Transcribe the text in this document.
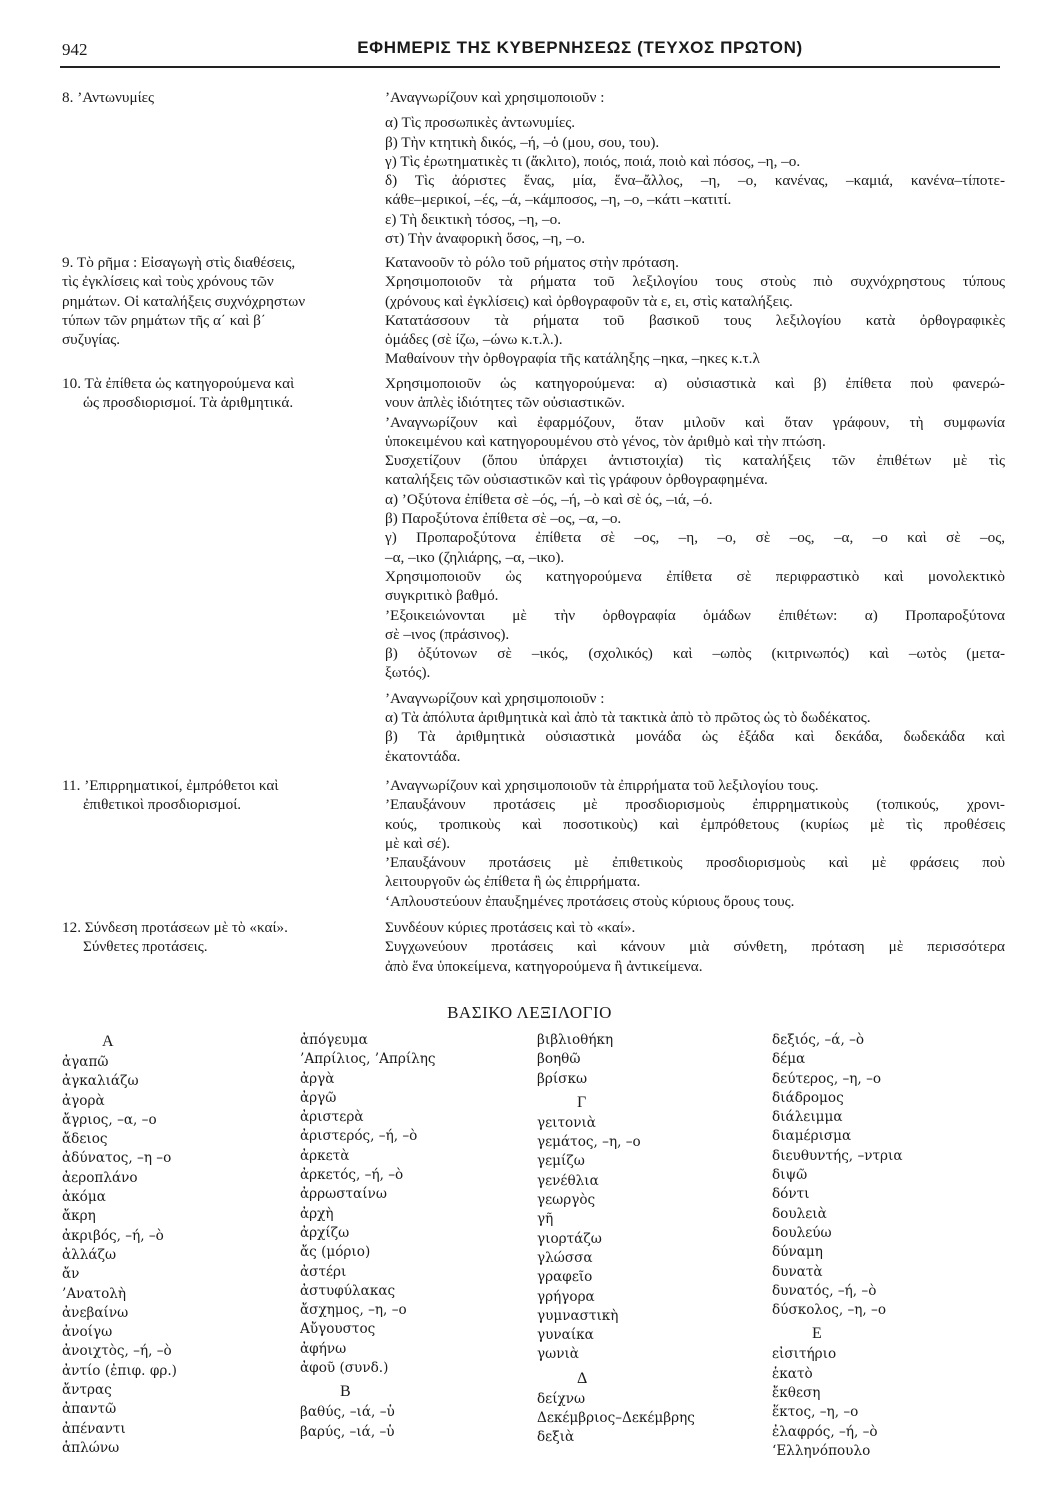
942	ΕΦΗΜΕΡΙΣ ΤΗΣ ΚΥΒΕΡΝΗΣΕΩΣ (ΤΕΥΧΟΣ ΠΡΩΤΟΝ)
8. ’Αντωνυμίες	’Αναγνωρίζουν καὶ χρησιμοποιοῦν :
α) Τὶς προσωπικὲς ἀντωνυμίες.
β) Τὴν κτητικὴ δικός, –ή, –ὁ (μου, σου, του).
γ) Τὶς ἐρωτηματικὲς τι (ἄκλιτο), ποιός, ποιά, ποιὸ καὶ πόσος, –η, –ο.
δ) Τὶς ἀόριστες ἕνας, μία, ἕνα–ἄλλος, –η, –ο, κανένας, –καμιά, κανένα–τίποτε-
κάθε–μερικοί, –ές, –ά, –κάμποσος, –η, –ο, –κάτι –κατιτί.
ε) Τὴ δεικτικὴ τόσος, –η, –ο.
στ) Τὴν ἀναφορικὴ ὅσος, –η, –ο.
9. Τὸ ρῆμα : Εἰσαγωγὴ στὶς διαθέσεις,
τὶς ἐγκλίσεις καὶ τοὺς χρόνους τῶν
ρημάτων. Οἱ καταλήξεις συχνόχρηστων
τύπων τῶν ρημάτων τῆς α΄ καὶ β΄
συζυγίας.
Κατανοοῦν τὸ ρόλο τοῦ ρήματος στὴν πρόταση.
Χρησιμοποιοῦν τὰ ρήματα τοῦ λεξιλογίου τους στοὺς πιὸ συχνόχρηστους τύπους
(χρόνους καὶ ἐγκλίσεις) καὶ ὀρθογραφοῦν τὰ ε, ει, στὶς καταλήξεις.
Κατατάσσουν τὰ ρήματα τοῦ βασικοῦ τους λεξιλογίου κατὰ ὀρθογραφικὲς
ὁμάδες (σὲ ίζω, –ώνω κ.τ.λ.).
Μαθαίνουν τὴν ὀρθογραφία τῆς κατάληξης –ηκα, –ηκες κ.τ.λ
10. Τὰ ἐπίθετα ὡς κατηγορούμενα καὶ
ὡς προσδιορισμοί. Τὰ ἀριθμητικά.
Χρησιμοποιοῦν ὡς κατηγορούμενα: α) οὐσιαστικὰ καὶ β) ἐπίθετα ποὺ φανερώ-
νουν ἁπλὲς ἰδιότητες τῶν οὐσιαστικῶν.
’Αναγνωρίζουν καὶ ἐφαρμόζουν, ὅταν μιλοῦν καὶ ὅταν γράφουν, τὴ συμφωνία
ὑποκειμένου καὶ κατηγορουμένου στὸ γένος, τὸν ἀριθμὸ καὶ τὴν πτώση.
Συσχετίζουν (ὅπου ὑπάρχει ἀντιστοιχία) τὶς καταλήξεις τῶν ἐπιθέτων μὲ τὶς
καταλήξεις τῶν οὐσιαστικῶν καὶ τὶς γράφουν ὀρθογραφημένα.
α) ’Οξύτονα ἐπίθετα σὲ –ός, –ή, –ὸ καὶ σὲ ός, –ιά, –ό.
β) Παροξύτονα ἐπίθετα σὲ –ος, –α, –ο.
γ) Προπαροξύτονα ἐπίθετα σὲ –ος, –η, –ο, σὲ –ος, –α, –ο καὶ σὲ –ος,
–α, –ικο (ζηλιάρης, –α, –ικο).
Χρησιμοποιοῦν ὡς κατηγορούμενα ἐπίθετα σὲ περιφραστικὸ καὶ μονολεκτικὸ
συγκριτικὸ βαθμό.
’Εξοικειώνονται μὲ τὴν ὀρθογραφία ὁμάδων ἐπιθέτων: α) Προπαροξύτονα
σὲ –ινος (πράσινος).
β) ὀξύτονων σὲ –ικός, (σχολικός) καὶ –ωπὸς (κιτρινωπός) καὶ –ωτὸς (μετα-
ξωτός).
’Αναγνωρίζουν καὶ χρησιμοποιοῦν :
α) Τὰ ἀπόλυτα ἀριθμητικὰ καὶ ἀπὸ τὰ τακτικὰ ἀπὸ τὸ πρῶτος ὡς τὸ δωδέκατος.
β) Τὰ ἀριθμητικὰ οὐσιαστικὰ μονάδα ὡς ἑξάδα καὶ δεκάδα, δωδεκάδα καὶ
ἑκατοντάδα.
11. ’Επιρρηματικοί, ἐμπρόθετοι καὶ
ἐπιθετικοὶ προσδιορισμοί.
’Αναγνωρίζουν καὶ χρησιμοποιοῦν τὰ ἐπιρρήματα τοῦ λεξιλογίου τους.
’Επαυξάνουν προτάσεις μὲ προσδιορισμοὺς ἐπιρρηματικοὺς (τοπικούς, χρονι-
κούς, τροπικοὺς καὶ ποσοτικοὺς) καὶ ἐμπρόθετους (κυρίως μὲ τὶς προθέσεις
μὲ καὶ σέ).
’Επαυξάνουν προτάσεις μὲ ἐπιθετικοὺς προσδιορισμοὺς καὶ μὲ φράσεις ποὺ
λειτουργοῦν ὡς ἐπίθετα ἢ ὡς ἐπιρρήματα.
‘Απλουστεύουν ἐπαυξημένες προτάσεις στοὺς κύριους ὅρους τους.
12. Σύνδεση προτάσεων μὲ τὸ «καί».
Σύνθετες προτάσεις.
Συνδέουν κύριες προτάσεις καὶ τὸ «καί».
Συγχωνεύουν προτάσεις καὶ κάνουν μιὰ σύνθετη, πρόταση μὲ περισσότερα
ἀπὸ ἕνα ὑποκείμενα, κατηγορούμενα ἢ ἀντικείμενα.
ΒΑΣΙΚΟ ΛΕΞΙΛΟΓΙΟ
Α
ἀγαπῶ
ἀγκαλιάζω
ἀγορὰ
ἄγριος, –α, –ο
ἄδειος
ἀδύνατος, –η –ο
ἀεροπλάνο
ἀκόμα
ἄκρη
ἀκριβός, –ή, –ὸ
ἀλλάζω
ἄν
’Ανατολὴ
ἀνεβαίνω
ἀνοίγω
ἀνοιχτὸς, –ή, –ὸ
ἀντίο (ἐπιφ. φρ.)
ἄντρας
ἀπαντῶ
ἀπέναντι
ἁπλώνω
ἀπόγευμα
’Απρίλιος, ’Απρίλης
ἀργὰ
ἀργῶ
ἀριστερὰ
ἀριστερός, –ή, –ὸ
ἀρκετὰ
ἀρκετός, –ή, –ὸ
ἀρρωσταίνω
ἀρχὴ
ἀρχίζω
ἄς (μόριο)
ἀστέρι
ἀστυφύλακας
ἄσχημος, –η, –ο
Αὔγουστος
ἀφήνω
ἀφοῦ (συνδ.)
Β
βαθύς, –ιά, –ὑ
βαρύς, –ιά, –ὑ
βιβλιοθήκη
βοηθῶ
βρίσκω
Γ
γειτονιὰ
γεμάτος, –η, –ο
γεμίζω
γενέθλια
γεωργὸς
γῆ
γιορτάζω
γλώσσα
γραφεῖο
γρήγορα
γυμναστικὴ
γυναίκα
γωνιὰ
Δ
δείχνω
Δεκέμβριος–Δεκέμβρης
δεξιὰ
δεξιός, –ά, –ὸ
δέμα
δεύτερος, –η, –ο
διάδρομος
διάλειμμα
διαμέρισμα
διευθυντής, –ντρια
διψῶ
δόντι
δουλειὰ
δουλεύω
δύναμη
δυνατὰ
δυνατός, –ή, –ὸ
δύσκολος, –η, –ο
Ε
εἰσιτήριο
ἑκατὸ
ἔκθεση
ἕκτος, –η, –ο
ἐλαφρός, –ή, –ὸ
‘Ελληνόπουλο
